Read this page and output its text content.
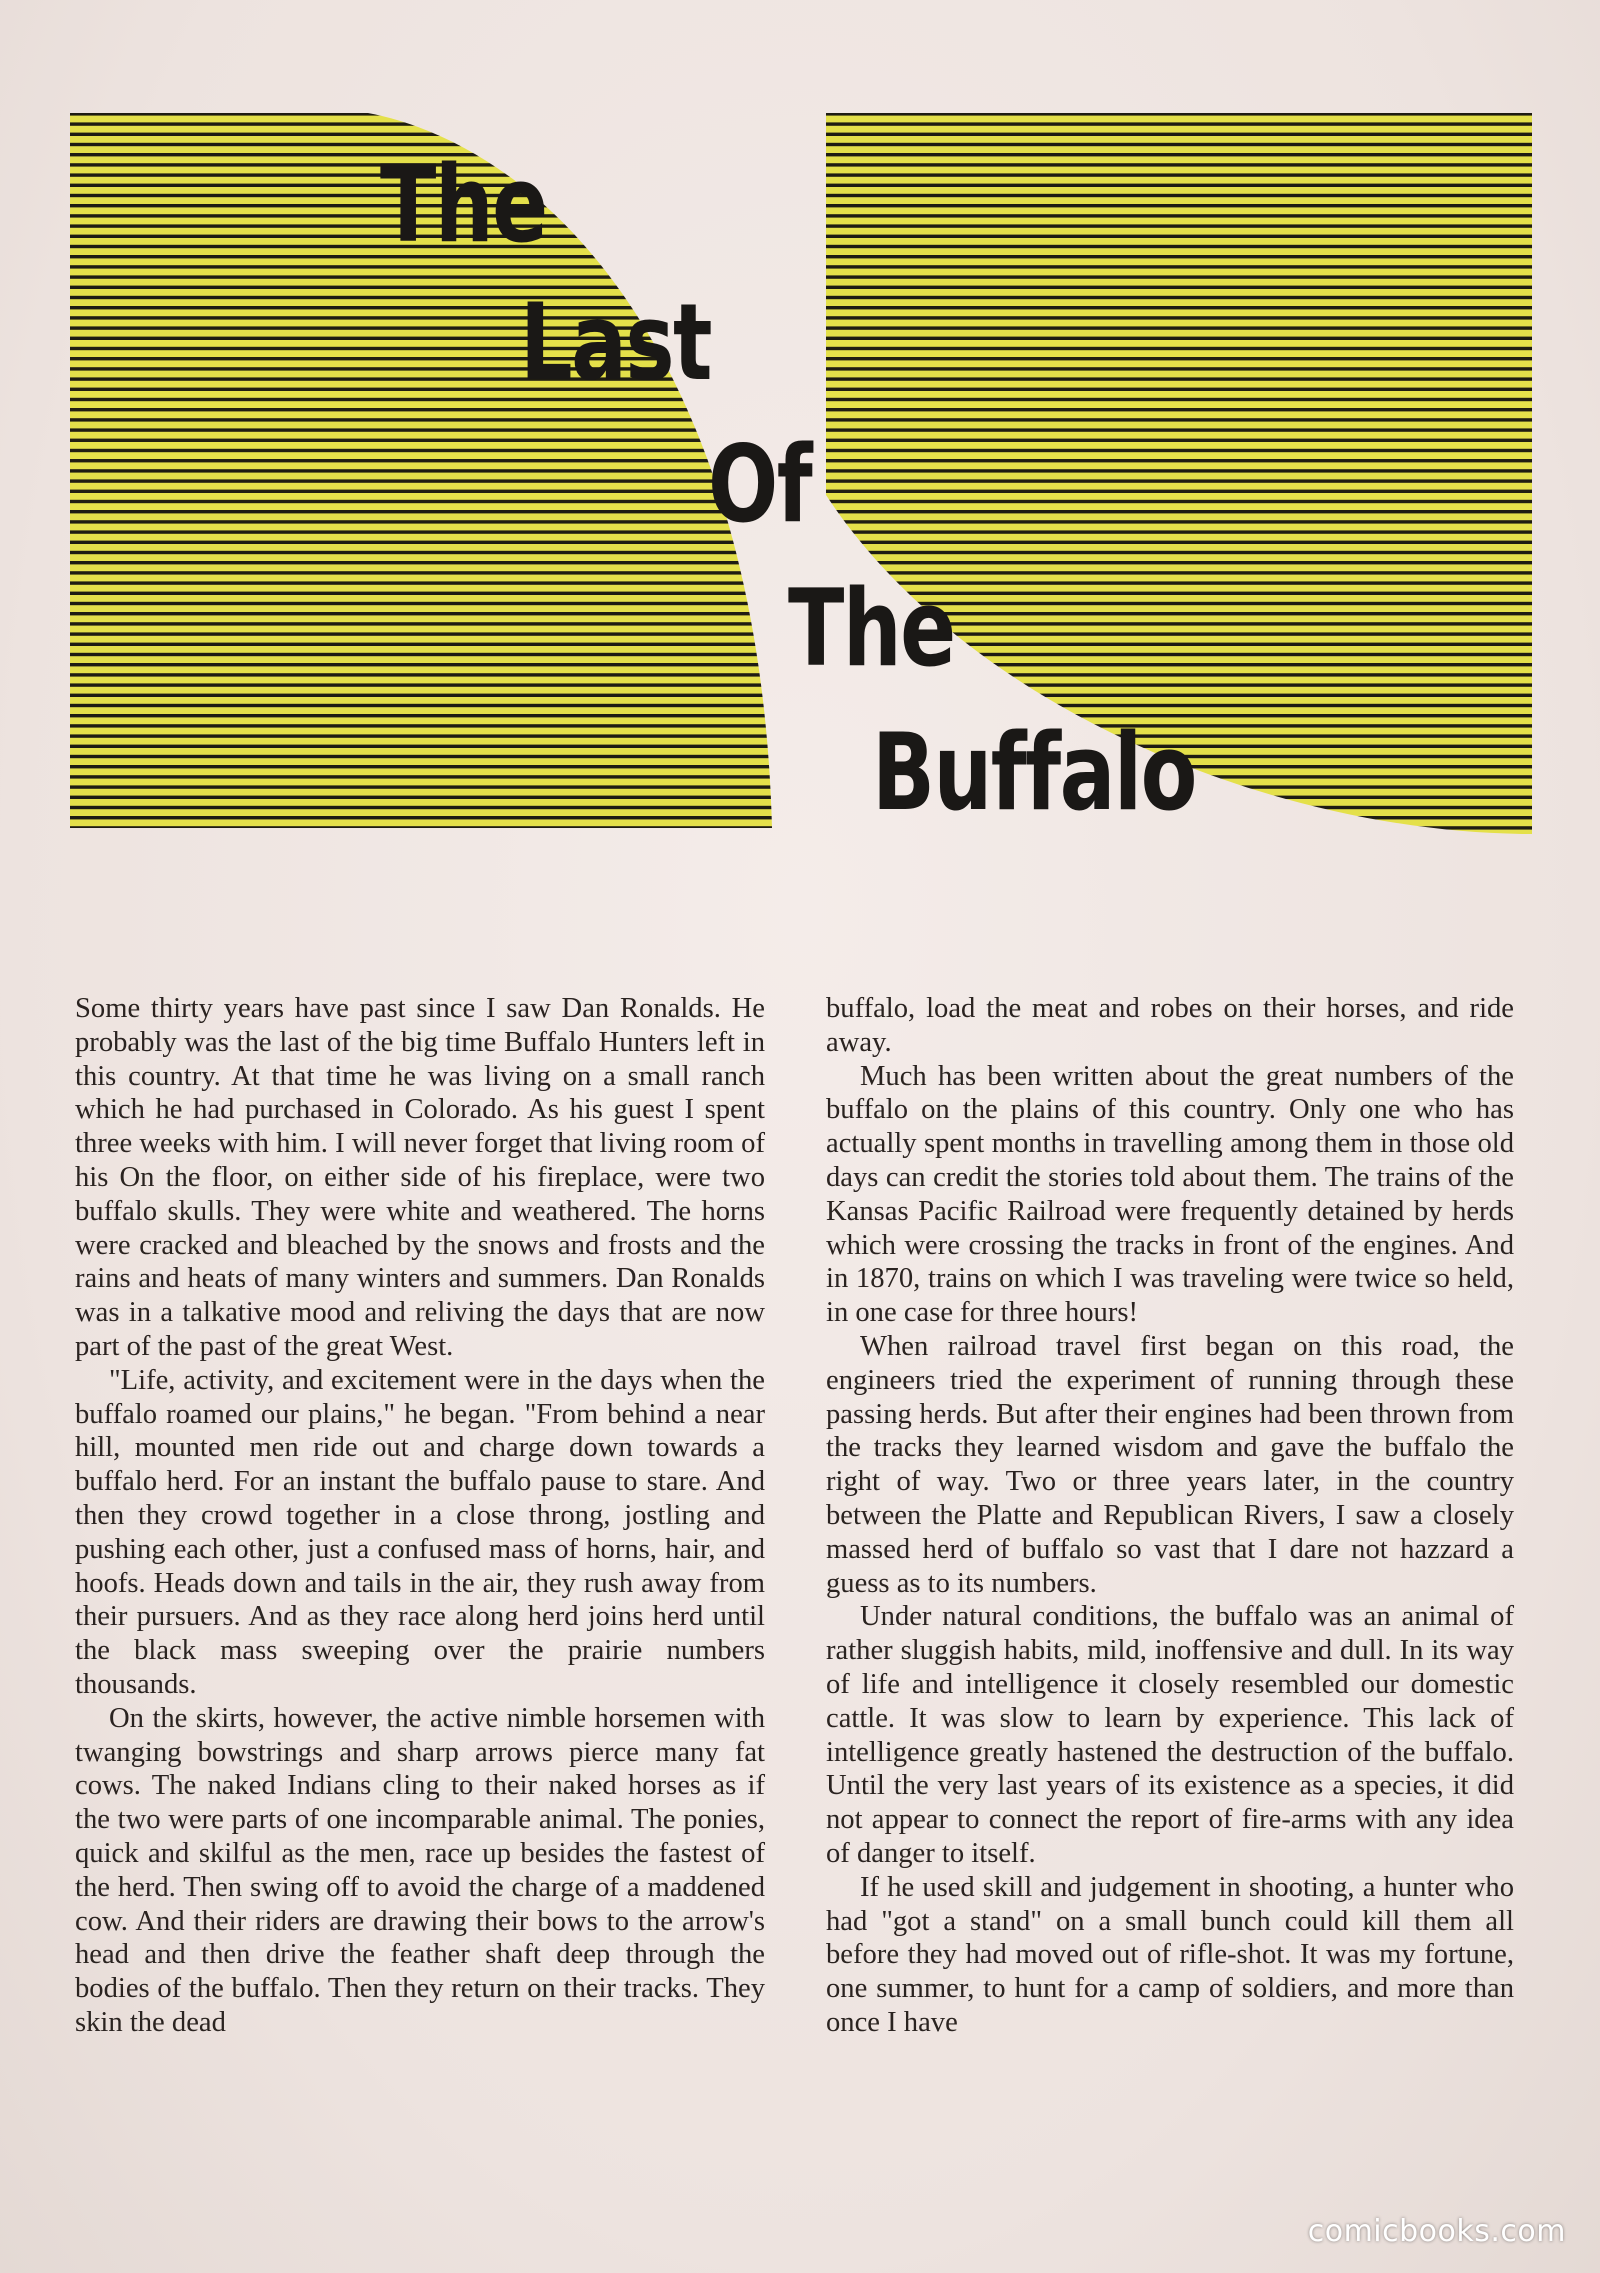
The
Last
Of
The
Buffalo

Some thirty years have past since I saw Dan Ronalds. He probably was the last of the big time Buffalo Hunters left in this country. At that time he was living on a small ranch which he had purchased in Colorado. As his guest I spent three weeks with him. I will never forget that living room of his On the floor, on either side of his fireplace, were two buffalo skulls. They were white and weathered. The horns were cracked and bleached by the snows and frosts and the rains and heats of many winters and summers. Dan Ronalds was in a talkative mood and reliving the days that are now part of the past of the great West.

"Life, activity, and excitement were in the days when the buffalo roamed our plains," he began. "From behind a near hill, mounted men ride out and charge down towards a buffalo herd. For an instant the buffalo pause to stare. And then they crowd together in a close throng, jostling and pushing each other, just a confused mass of horns, hair, and hoofs. Heads down and tails in the air, they rush away from their pursuers. And as they race along herd joins herd until the black mass sweeping over the prairie numbers thousands.

On the skirts, however, the active nimble horsemen with twanging bowstrings and sharp arrows pierce many fat cows. The naked Indians cling to their naked horses as if the two were parts of one incomparable animal. The ponies, quick and skilful as the men, race up besides the fastest of the herd. Then swing off to avoid the charge of a maddened cow. And their riders are drawing their bows to the arrow's head and then drive the feather shaft deep through the bodies of the buffalo. Then they return on their tracks. They skin the dead

buffalo, load the meat and robes on their horses, and ride away.

Much has been written about the great numbers of the buffalo on the plains of this country. Only one who has actually spent months in travelling among them in those old days can credit the stories told about them. The trains of the Kansas Pacific Railroad were frequently detained by herds which were crossing the tracks in front of the engines. And in 1870, trains on which I was traveling were twice so held, in one case for three hours!

When railroad travel first began on this road, the engineers tried the experiment of running through these passing herds. But after their engines had been thrown from the tracks they learned wisdom and gave the buffalo the right of way. Two or three years later, in the country between the Platte and Republican Rivers, I saw a closely massed herd of buffalo so vast that I dare not hazzard a guess as to its numbers.

Under natural conditions, the buffalo was an animal of rather sluggish habits, mild, inoffensive and dull. In its way of life and intelligence it closely resembled our domestic cattle. It was slow to learn by experience. This lack of intelligence greatly hastened the destruction of the buffalo. Until the very last years of its existence as a species, it did not appear to connect the report of fire-arms with any idea of danger to itself.

If he used skill and judgement in shooting, a hunter who had "got a stand" on a small bunch could kill them all before they had moved out of rifle-shot. It was my fortune, one summer, to hunt for a camp of soldiers, and more than once I have

comicbooks.com
